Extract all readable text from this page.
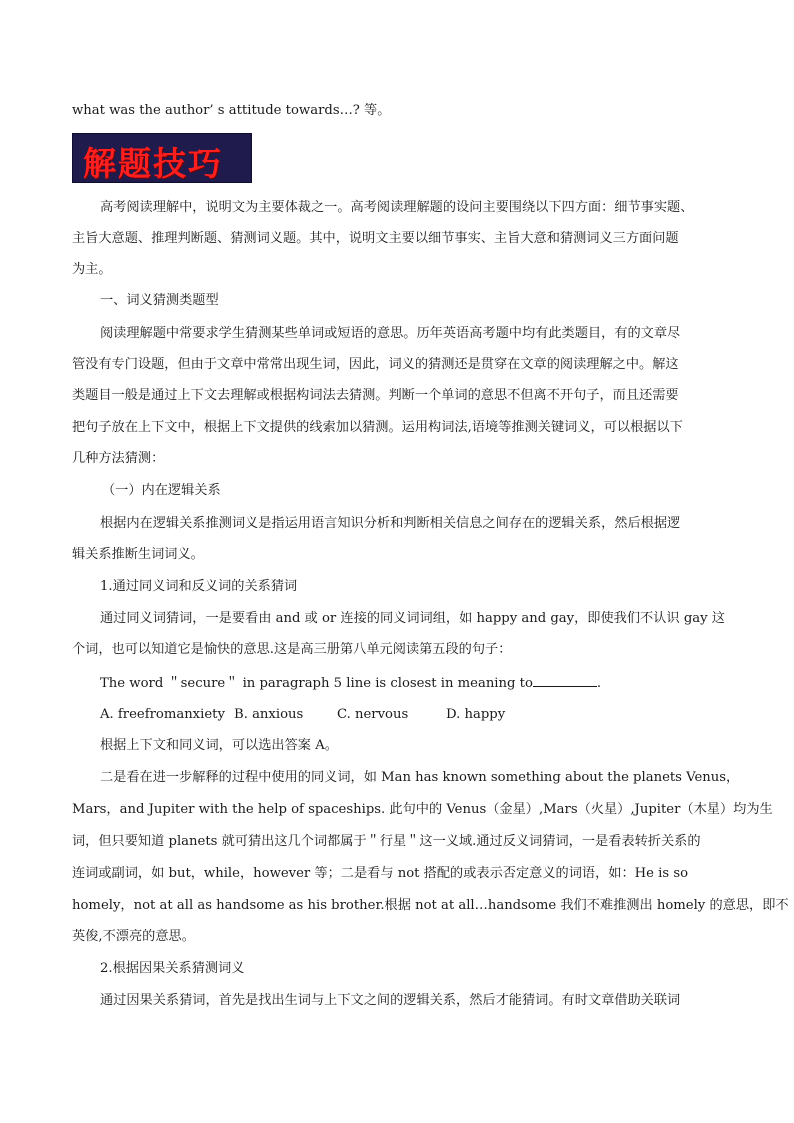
what was the author’ s attitude towards…? 等。
解题技巧
高考阅读理解中，说明文为主要体裁之一。高考阅读理解题的设问主要围绕以下四方面：细节事实题、
主旨大意题、推理判断题、猜测词义题。其中，说明文主要以细节事实、主旨大意和猜测词义三方面问题
为主。
一、词义猜测类题型
阅读理解题中常要求学生猜测某些单词或短语的意思。历年英语高考题中均有此类题目，有的文章尽
管没有专门设题，但由于文章中常常出现生词，因此，词义的猜测还是贯穿在文章的阅读理解之中。解这
类题目一般是通过上下文去理解或根据构词法去猜测。判断一个单词的意思不但离不开句子，而且还需要
把句子放在上下文中，根据上下文提供的线索加以猜测。运用构词法,语境等推测关键词义，可以根据以下
几种方法猜测：
（一）内在逻辑关系
根据内在逻辑关系推测词义是指运用语言知识分析和判断相关信息之间存在的逻辑关系，然后根据逻
辑关系推断生词词义。
1.通过同义词和反义词的关系猜词
通过同义词猜词，一是要看由 and 或 or 连接的同义词词组，如 happy and gay，即使我们不认识 gay 这
个词，也可以知道它是愉快的意思.这是高三册第八单元阅读第五段的句子：
The word ＂secure＂ in paragraph 5 line is closest in meaning to	.
A. freefromanxiety B. anxious	C. nervous	D. happy
根据上下文和同义词，可以选出答案 A。
二是看在进一步解释的过程中使用的同义词，如 Man has known something about the planets Venus，
Mars，and Jupiter with the help of spaceships. 此句中的 Venus（金星）,Mars（火星）,Jupiter（木星）均为生
词，但只要知道 planets 就可猜出这几个词都属于＂行星＂这一义域.通过反义词猜词，一是看表转折关系的
连词或副词，如 but，while，however 等；二是看与 not 搭配的或表示否定意义的词语，如：He is so
homely，not at all as handsome as his brother.根据 not at all…handsome 我们不难推测出 homely 的意思，即不
英俊,不漂亮的意思。
2.根据因果关系猜测词义
通过因果关系猜词，首先是找出生词与上下文之间的逻辑关系，然后才能猜词。有时文章借助关联词
